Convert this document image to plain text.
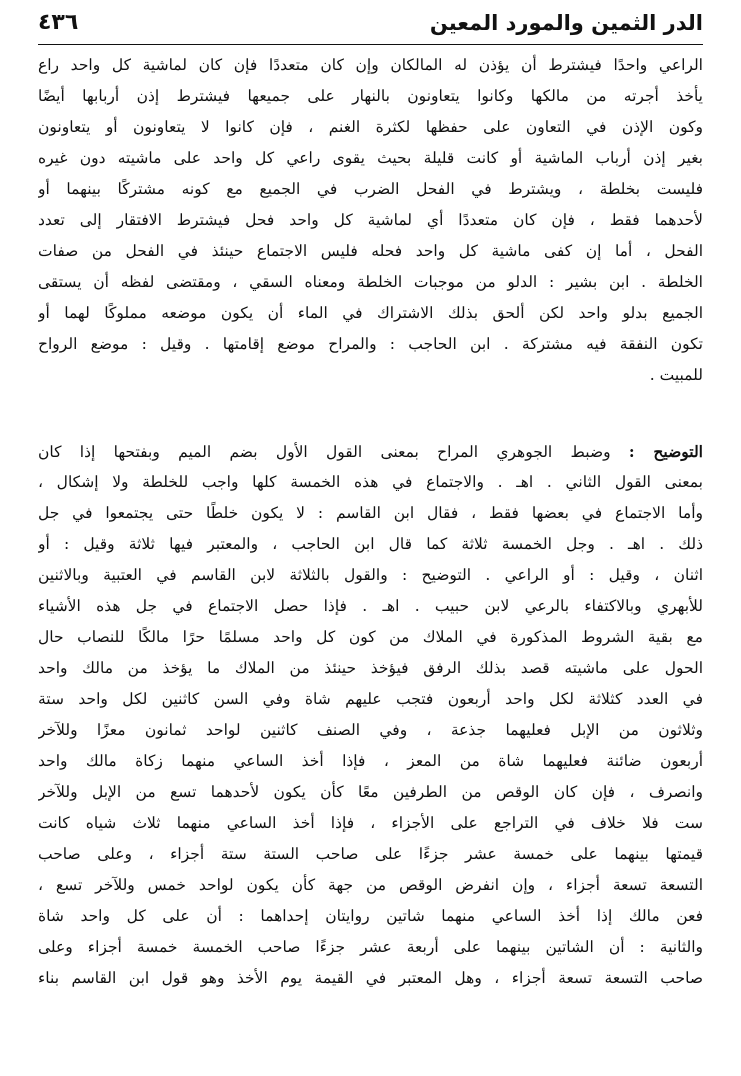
الدر الثمين والمورد المعين
٤٣٦
الراعي واحدًا فيشترط أن يؤذن له المالكان وإن كان متعددًا فإن كان لماشية كل واحد راع
يأخذ أجرته من مالكها وكانوا يتعاونون بالنهار على جميعها فيشترط إذن أربابها أيضًا
وكون الإذن في التعاون على حفظها لكثرة الغنم ، فإن كانوا لا يتعاونون أو يتعاونون
بغير إذن أرباب الماشية أو كانت قليلة بحيث يقوى راعي كل واحد على ماشيته دون غيره
فليست بخلطة ، ويشترط في الفحل الضرب في الجميع مع كونه مشتركًا بينهما أو
لأحدهما فقط ، فإن كان متعددًا أي لماشية كل واحد فحل فيشترط الافتقار إلى تعدد
الفحل ، أما إن كفى ماشية كل واحد فحله فليس الاجتماع حينئذ في الفحل من صفات
الخلطة . ابن بشير : الدلو من موجبات الخلطة ومعناه السقي ، ومقتضى لفظه أن يستقى
الجميع بدلو واحد لكن ألحق بذلك الاشتراك في الماء أن يكون موضعه مملوكًا لهما أو
تكون النفقة فيه مشتركة . ابن الحاجب : والمراح موضع إقامتها . وقيل : موضع الرواح
للمبيت .
التوضيح : وضبط الجوهري المراح بمعنى القول الأول بضم الميم وبفتحها إذا كان
بمعنى القول الثاني . اهـ . والاجتماع في هذه الخمسة كلها واجب للخلطة ولا إشكال ،
وأما الاجتماع في بعضها فقط ، فقال ابن القاسم : لا يكون خلطًا حتى يجتمعوا في جل
ذلك . اهـ . وجل الخمسة ثلاثة كما قال ابن الحاجب ، والمعتبر فيها ثلاثة وقيل : أو
اثنان ، وقيل : أو الراعي . التوضيح : والقول بالثلاثة لابن القاسم في العتبية وبالاثنين
للأبهري وبالاكتفاء بالرعي لابن حبيب . اهـ . فإذا حصل الاجتماع في جل هذه الأشياء
مع بقية الشروط المذكورة في الملاك من كون كل واحد مسلمًا حرًا مالكًا للنصاب حال
الحول على ماشيته قصد بذلك الرفق فيؤخذ حينئذ من الملاك ما يؤخذ من مالك واحد
في العدد كثلاثة لكل واحد أربعون فتجب عليهم شاة وفي السن كاثنين لكل واحد ستة
وثلاثون من الإبل فعليهما جذعة ، وفي الصنف كاثنين لواحد ثمانون معزًا وللآخر
أربعون ضائنة فعليهما شاة من المعز ، فإذا أخذ الساعي منهما زكاة مالك واحد
وانصرف ، فإن كان الوقص من الطرفين معًا كأن يكون لأحدهما تسع من الإبل وللآخر
ست فلا خلاف في التراجع على الأجزاء ، فإذا أخذ الساعي منهما ثلاث شياه كانت
قيمتها بينهما على خمسة عشر جزءًا على صاحب الستة ستة أجزاء ، وعلى صاحب
التسعة تسعة أجزاء ، وإن انفرض الوقص من جهة كأن يكون لواحد خمس وللآخر تسع ،
فعن مالك إذا أخذ الساعي منهما شاتين روايتان إحداهما : أن على كل واحد شاة
والثانية : أن الشاتين بينهما على أربعة عشر جزءًا صاحب الخمسة خمسة أجزاء وعلى
صاحب التسعة تسعة أجزاء ، وهل المعتبر في القيمة يوم الأخذ وهو قول ابن القاسم بناء
